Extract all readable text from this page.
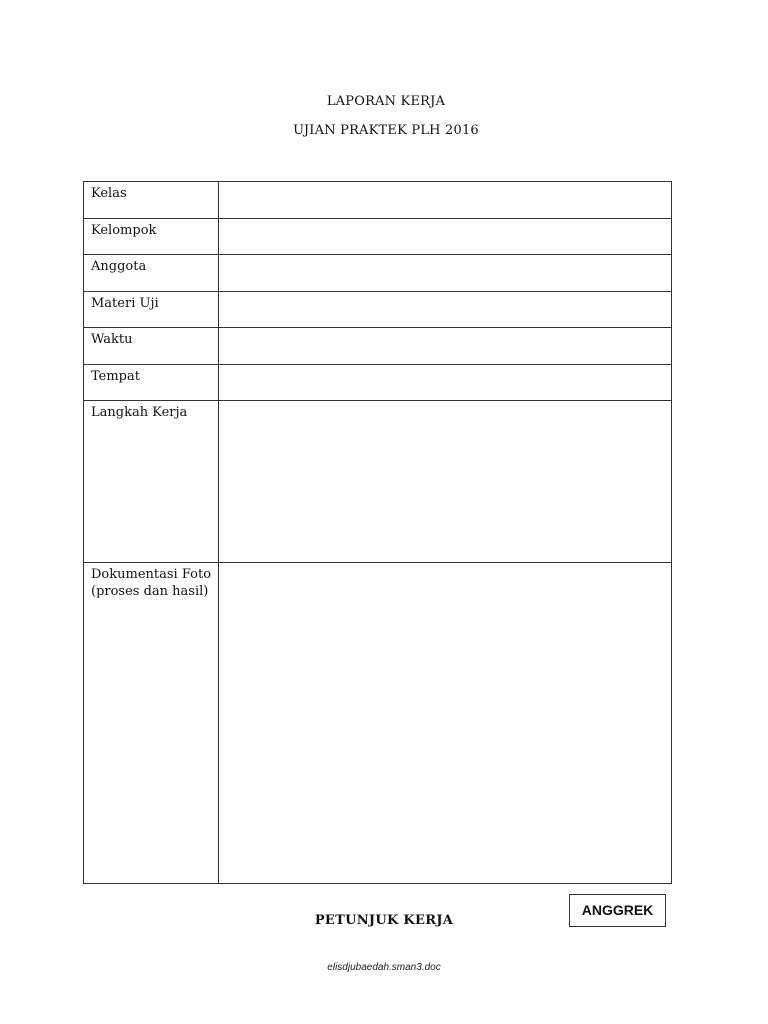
LAPORAN KERJA
UJIAN PRAKTEK PLH 2016
Kelas	
Kelompok	
Anggota	
Materi Uji	
Waktu	
Tempat	
Langkah Kerja	
Dokumentasi Foto (proses dan hasil)	
ANGGREK
PETUNJUK KERJA
elisdjubaedah.sman3.doc
